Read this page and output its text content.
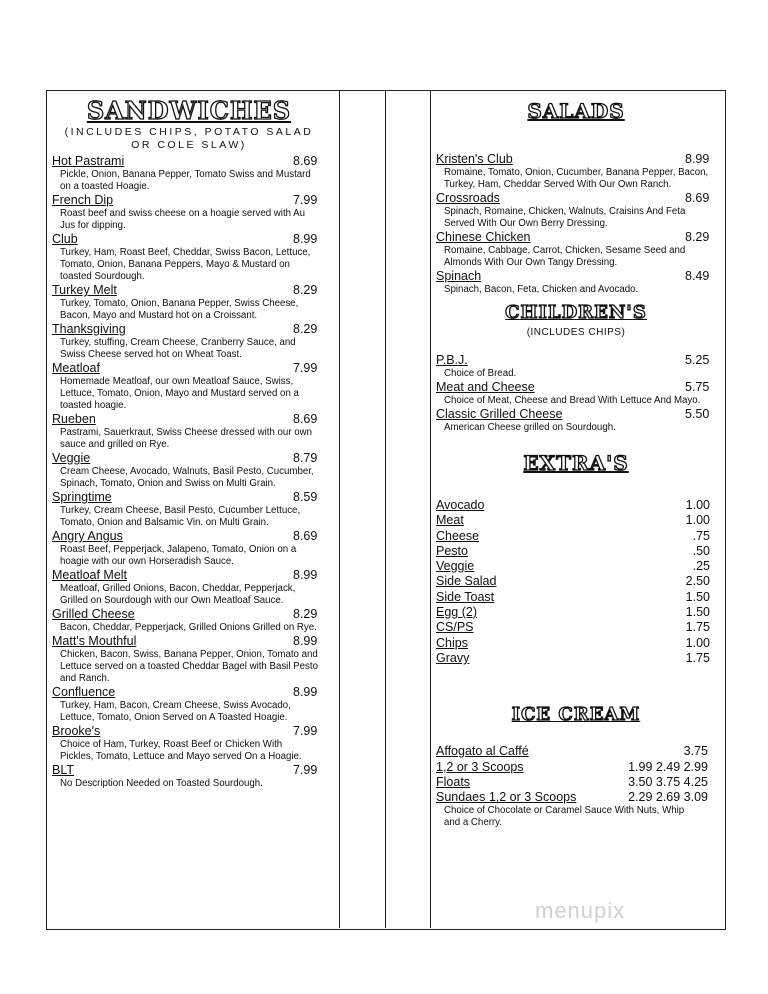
SANDWICHES
(INCLUDES CHIPS, POTATO SALAD OR COLE SLAW)
Hot Pastrami	8.69
Pickle, Onion, Banana Pepper, Tomato Swiss and Mustard on a toasted Hoagie.
French Dip	7.99
Roast beef and swiss cheese on a hoagie served with Au Jus for dipping.
Club	8.99
Turkey, Ham, Roast Beef, Cheddar, Swiss Bacon, Lettuce, Tomato, Onion, Banana Peppers, Mayo & Mustard on toasted Sourdough.
Turkey Melt	8.29
Turkey, Tomato, Onion, Banana Pepper, Swiss Cheese, Bacon, Mayo and Mustard hot on a Croissant.
Thanksgiving	8.29
Turkey, stuffing, Cream Cheese, Cranberry Sauce, and Swiss Cheese served hot on Wheat Toast.
Meatloaf	7.99
Homemade Meatloaf, our own Meatloaf Sauce, Swiss, Lettuce, Tomato, Onion, Mayo and Mustard served on a toasted hoagie.
Rueben	8.69
Pastrami, Sauerkraut, Swiss Cheese dressed with our own sauce and grilled on Rye.
Veggie	8.79
Cream Cheese, Avocado, Walnuts, Basil Pesto, Cucumber, Spinach, Tomato, Onion and Swiss on Multi Grain.
Springtime	8.59
Turkey, Cream Cheese, Basil Pesto, Cucumber Lettuce, Tomato, Onion and Balsamic Vin. on Multi Grain.
Angry Angus	8.69
Roast Beef, Pepperjack, Jalapeno, Tomato, Onion on a hoagie with our own Horseradish Sauce.
Meatloaf Melt	8.99
Meatloaf, Grilled Onions, Bacon, Cheddar, Pepperjack, Grilled on Sourdough with our Own Meatloaf Sauce.
Grilled Cheese	8.29
Bacon, Cheddar, Pepperjack, Grilled Onions Grilled on Rye.
Matt's Mouthful	8.99
Chicken, Bacon, Swiss, Banana Pepper, Onion, Tomato and Lettuce served on a toasted Cheddar Bagel with Basil Pesto and Ranch.
Confluence	8.99
Turkey, Ham, Bacon, Cream Cheese, Swiss Avocado, Lettuce, Tomato, Onion Served on A Toasted Hoagie.
Brooke's	7.99
Choice of Ham, Turkey, Roast Beef or Chicken With Pickles, Tomato, Lettuce and Mayo served On a Hoagie.
BLT	7.99
No Description Needed on Toasted Sourdough.
SALADS
Kristen's Club	8.99
Romaine, Tomato, Onion, Cucumber, Banana Pepper, Bacon, Turkey, Ham, Cheddar Served With Our Own Ranch.
Crossroads	8.69
Spinach, Romaine, Chicken, Walnuts, Craisins And Feta Served With Our Own Berry Dressing.
Chinese Chicken	8.29
Romaine, Cabbage, Carrot, Chicken, Sesame Seed and Almonds With Our Own Tangy Dressing.
Spinach	8.49
Spinach, Bacon, Feta, Chicken and Avocado.
CHILDREN'S
(INCLUDES CHIPS)
P.B.J.	5.25
Choice of Bread.
Meat and Cheese	5.75
Choice of Meat, Cheese and Bread With Lettuce And Mayo.
Classic Grilled Cheese	5.50
American Cheese grilled on Sourdough.
EXTRA'S
Avocado	1.00
Meat	1.00
Cheese	.75
Pesto	.50
Veggie	.25
Side Salad	2.50
Side Toast	1.50
Egg (2)	1.50
CS/PS	1.75
Chips	1.00
Gravy	1.75
ICE CREAM
Affogato al Caffé	3.75
1,2 or 3 Scoops	1.99 2.49 2.99
Floats	3.50 3.75 4.25
Sundaes 1,2 or 3 Scoops	2.29 2.69 3.09
Choice of Chocolate or Caramel Sauce With Nuts, Whip and a Cherry.
menupix
